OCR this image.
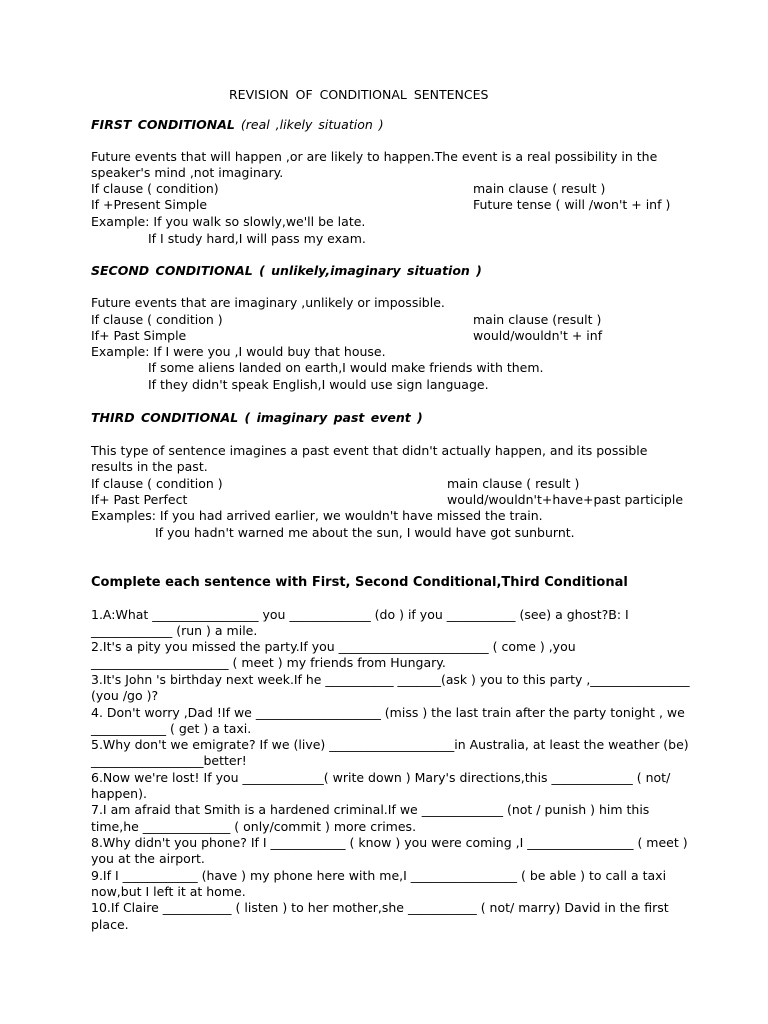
REVISION OF CONDITIONAL SENTENCES
FIRST CONDITIONAL (real ,likely situation )
Future events that will happen ,or are likely to happen.The event is a real possibility in the
speaker's mind ,not imaginary.
If clause ( condition)	main clause ( result )
If +Present Simple	Future tense ( will /won't + inf )
Example: If you walk so slowly,we'll be late.
If I study hard,I will pass my exam.
SECOND CONDITIONAL ( unlikely,imaginary situation )
Future events that are imaginary ,unlikely or impossible.
If clause ( condition )	main clause (result )
If+ Past Simple	would/wouldn't + inf
Example: If I were you ,I would buy that house.
If some aliens landed on earth,I would make friends with them.
If they didn't speak English,I would use sign language.
THIRD CONDITIONAL ( imaginary past event )
This type of sentence imagines a past event that didn't actually happen, and its possible
results in the past.
If clause ( condition )	main clause ( result )
If+ Past Perfect	would/wouldn't+have+past participle
Examples: If you had arrived earlier, we wouldn't have missed the train.
If you hadn't warned me about the sun, I would have got sunburnt.
Complete each sentence with First, Second Conditional,Third Conditional
1.A:What _________________ you _____________ (do ) if you ___________ (see) a ghost?B: I
_____________ (run ) a mile.
2.It's a pity you missed the party.If you ________________________ ( come ) ,you
______________________ ( meet ) my friends from Hungary.
3.It's John 's birthday next week.If he ___________ _______(ask ) you to this party ,________________
(you /go )?
4. Don't worry ,Dad !If we ____________________ (miss ) the last train after the party tonight , we
____________ ( get ) a taxi.
5.Why don't we emigrate? If we (live) ____________________in Australia, at least the weather (be)
__________________better!
6.Now we're lost! If you _____________( write down ) Mary's directions,this _____________ ( not/
happen).
7.I am afraid that Smith is a hardened criminal.If we _____________ (not / punish ) him this
time,he ______________ ( only/commit ) more crimes.
8.Why didn't you phone? If I ____________ ( know ) you were coming ,I _________________ ( meet )
you at the airport.
9.If I ____________ (have ) my phone here with me,I _________________ ( be able ) to call a taxi
now,but I left it at home.
10.If Claire ___________ ( listen ) to her mother,she ___________ ( not/ marry) David in the first
place.
